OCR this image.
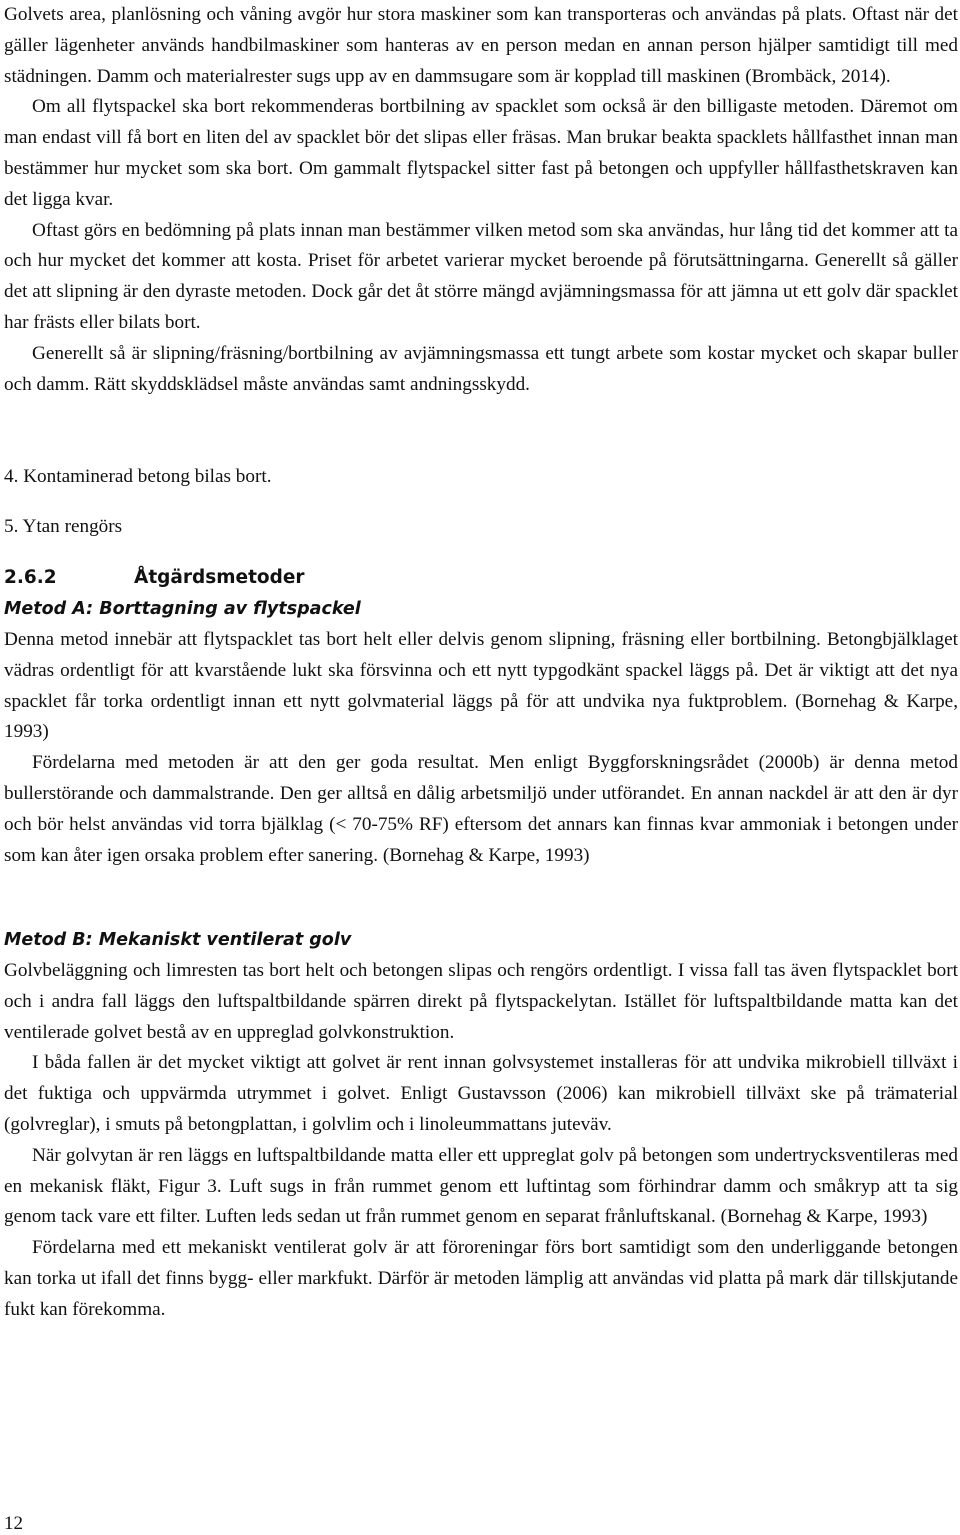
Golvets area, planlösning och våning avgör hur stora maskiner som kan transporteras och användas på plats. Oftast när det gäller lägenheter används handbilmaskiner som hanteras av en person medan en annan person hjälper samtidigt till med städningen. Damm och materialrester sugs upp av en dammsugare som är kopplad till maskinen (Brombäck, 2014).

Om all flytspackel ska bort rekommenderas bortbilning av spacklet som också är den billigaste metoden. Däremot om man endast vill få bort en liten del av spacklet bör det slipas eller fräsas. Man brukar beakta spacklets hållfasthet innan man bestämmer hur mycket som ska bort. Om gammalt flytspackel sitter fast på betongen och uppfyller hållfasthetskraven kan det ligga kvar.

Oftast görs en bedömning på plats innan man bestämmer vilken metod som ska användas, hur lång tid det kommer att ta och hur mycket det kommer att kosta. Priset för arbetet varierar mycket beroende på förutsättningarna. Generellt så gäller det att slipning är den dyraste metoden. Dock går det åt större mängd avjämningsmassa för att jämna ut ett golv där spacklet har frästs eller bilats bort.

Generellt så är slipning/fräsning/bortbilning av avjämningsmassa ett tungt arbete som kostar mycket och skapar buller och damm. Rätt skyddsklädsel måste användas samt andningsskydd.

4. Kontaminerad betong bilas bort.
5. Ytan rengörs
2.6.2	Åtgärdsmetoder
Metod A: Borttagning av flytspackel

Denna metod innebär att flytspacklet tas bort helt eller delvis genom slipning, fräsning eller bortbilning. Betongbjälklaget vädras ordentligt för att kvarstående lukt ska försvinna och ett nytt typgodkänt spackel läggs på. Det är viktigt att det nya spacklet får torka ordentligt innan ett nytt golvmaterial läggs på för att undvika nya fuktproblem. (Bornehag & Karpe, 1993)

Fördelarna med metoden är att den ger goda resultat. Men enligt Byggforskningsrådet (2000b) är denna metod bullerstörande och dammalstrande. Den ger alltså en dålig arbetsmiljö under utförandet. En annan nackdel är att den är dyr och bör helst användas vid torra bjälklag (< 70-75% RF) eftersom det annars kan finnas kvar ammoniak i betongen under som kan åter igen orsaka problem efter sanering. (Bornehag & Karpe, 1993)

Metod B: Mekaniskt ventilerat golv

Golvbeläggning och limresten tas bort helt och betongen slipas och rengörs ordentligt. I vissa fall tas även flytspacklet bort och i andra fall läggs den luftspaltbildande spärren direkt på flytspackelytan. Istället för luftspaltbildande matta kan det ventilerade golvet bestå av en uppreglad golvkonstruktion.

I båda fallen är det mycket viktigt att golvet är rent innan golvsystemet installeras för att undvika mikrobiell tillväxt i det fuktiga och uppvärmda utrymmet i golvet. Enligt Gustavsson (2006) kan mikrobiell tillväxt ske på trämaterial (golvreglar), i smuts på betongplattan, i golvlim och i linoleummattans juteväv.

När golvytan är ren läggs en luftspaltbildande matta eller ett uppreglat golv på betongen som undertrycksventileras med en mekanisk fläkt, Figur 3. Luft sugs in från rummet genom ett luftintag som förhindrar damm och småkryp att ta sig genom tack vare ett filter. Luften leds sedan ut från rummet genom en separat frånluftskanal. (Bornehag & Karpe, 1993)

Fördelarna med ett mekaniskt ventilerat golv är att föroreningar förs bort samtidigt som den underliggande betongen kan torka ut ifall det finns bygg- eller markfukt. Därför är metoden lämplig att användas vid platta på mark där tillskjutande fukt kan förekomma.

12
